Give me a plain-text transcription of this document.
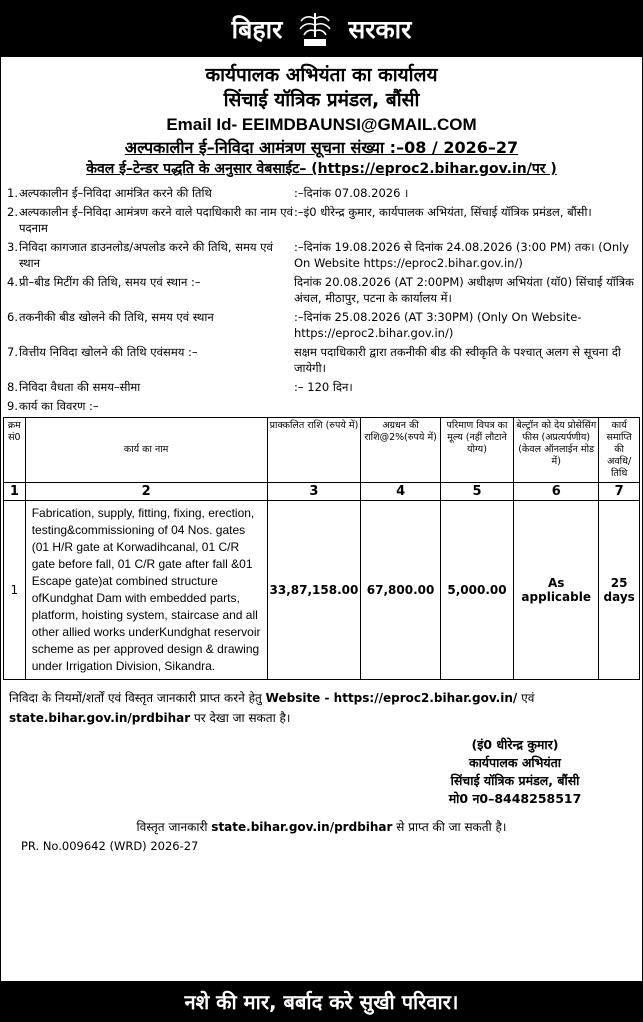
बिहार	सरकार
कार्यपालक अभियंता का कार्यालय
सिंचाई यॉत्रिक प्रमंडल, बौंसी
Email Id- EEIMDBAUNSI@GMAIL.COM
अल्पकालीन ई–निविदा आमंत्रण सूचना संख्या :–08 / 2026–27
केवल ई–टेन्डर पद्धति के अनुसार वेबसाईट– (https://eproc2.bihar.gov.in/पर )
1. अल्पकालीन ई–निविदा आमंत्रित करने की तिथि	:–दिनांक 07.08.2026 ।
2. अल्पकालीन ई–निविदा आमंत्रण करने वाले पदाधिकारी का नाम एवं पदनाम
:–इं0 धीरेन्द्र कुमार, कार्यपालक अभियंता, सिंचाई यॉत्रिक प्रमंडल, बौंसी।
3. निविदा कागजात डाउनलोड/अपलोड करने की तिथि, समय एवं स्थान
:–दिनांक 19.08.2026 से दिनांक 24.08.2026 (3:00 PM) तक। (Only On Website https://eproc2.bihar.gov.in/)
4. प्री–बीड मिटींग की तिथि, समय एवं स्थान :–	दिनांक 20.08.2026 (AT 2:00PM) अधीक्षण अभियंता (यॉ0) सिंचाई यॉत्रिक अंचल, मीठापुर, पटना के कार्यालय में।
6. तकनीकी बीड खोलने की तिथि, समय एवं स्थान	:–दिनांक 25.08.2026 (AT 3:30PM) (Only On Website- https://eproc2.bihar.gov.in/)
7. वित्तीय निविदा खोलने की तिथि एवंसमय :–	सक्षम पदाधिकारी द्वारा तकनीकी बीड की स्वीकृति के पश्चात् अलग से सूचना दी जायेगी।
8. निविदा वैधता की समय–सीमा	:– 120 दिन।
9. कार्य का विवरण :–
क्रम सं0	कार्य का नाम	प्राक्कलित राशि (रुपये में)	अग्रधन की राशि@2%(रुपये में)	परिमाण विपत्र का मूल्य (नहीं लौटाने योग्य)	बेल्ट्रॉन को देय प्रोसेसिंग फीस (अप्रत्यर्पणीय) (केवल ऑनलाईन मोड में)	कार्य समाप्ति की अवधि/तिथि
1	2	3	4	5	6	7
1	Fabrication, supply, fitting, fixing, erection, testing&commissioning of 04 Nos. gates (01 H/R gate at Korwadihcanal, 01 C/R gate before fall, 01 C/R gate after fall &01 Escape gate)at combined structure ofKundghat Dam with embedded parts, platform, hoisting system, staircase and all other allied works underKundghat reservoir scheme as per approved design & drawing under Irrigation Division, Sikandra.	33,87,158.00	67,800.00	5,000.00	As applicable	25 days
निविदा के नियमों/शर्तों एवं विस्तृत जानकारी प्राप्त करने हेतु Website - https://eproc2.bihar.gov.in/ एवं state.bihar.gov.in/prdbihar पर देखा जा सकता है।
(इं0 धीरेन्द्र कुमार)
कार्यपालक अभियंता
सिंचाई यॉत्रिक प्रमंडल, बौंसी
मो0 न0–8448258517
विस्तृत जानकारी state.bihar.gov.in/prdbihar से प्राप्त की जा सकती है।
PR. No.009642 (WRD) 2026-27
नशे की मार, बर्बाद करे सुखी परिवार।
